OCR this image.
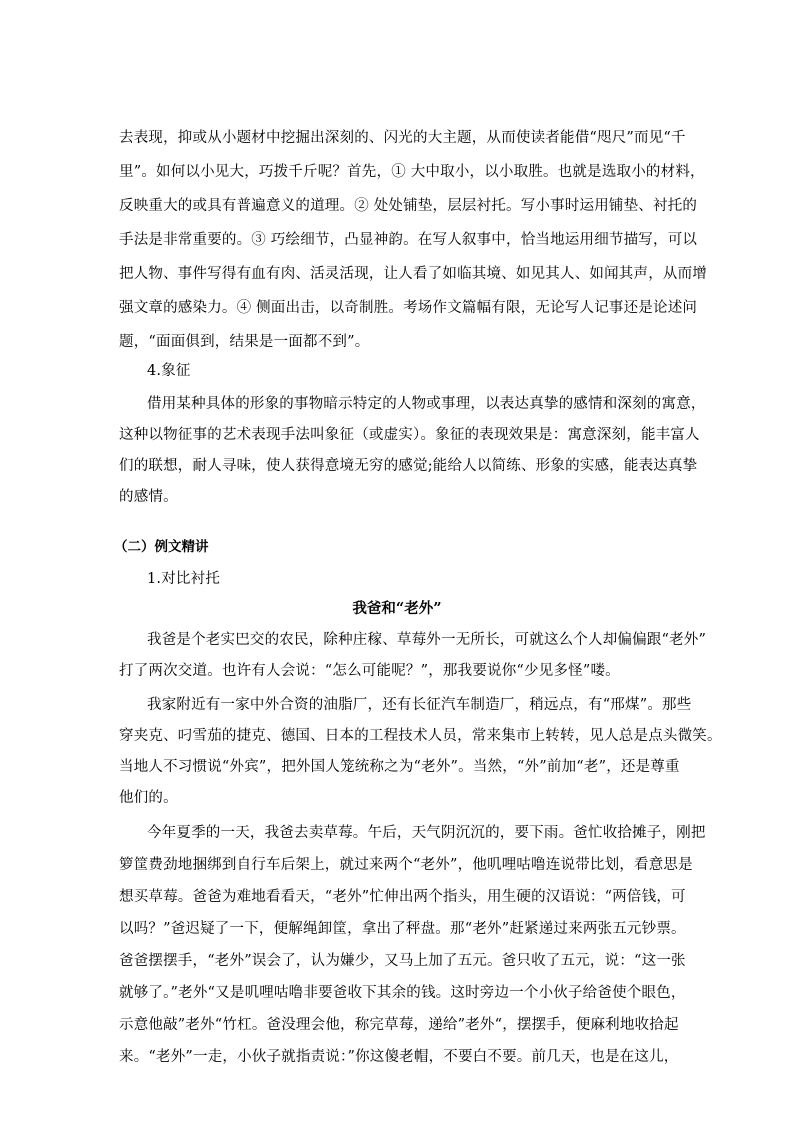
去表现，抑或从小题材中挖掘出深刻的、闪光的大主题，从而使读者能借“咫尺”而见“千
里”。如何以小见大，巧拨千斤呢？首先，① 大中取小，以小取胜。也就是选取小的材料，
反映重大的或具有普遍意义的道理。② 处处铺垫，层层衬托。写小事时运用铺垫、衬托的
手法是非常重要的。③ 巧绘细节，凸显神韵。在写人叙事中，恰当地运用细节描写，可以
把人物、事件写得有血有肉、活灵活现，让人看了如临其境、如见其人、如闻其声，从而增
强文章的感染力。④ 侧面出击，以奇制胜。考场作文篇幅有限，无论写人记事还是论述问
题，“面面俱到，结果是一面都不到”。
4.象征
借用某种具体的形象的事物暗示特定的人物或事理，以表达真挚的感情和深刻的寓意，
这种以物征事的艺术表现手法叫象征（或虚实）。象征的表现效果是：寓意深刻，能丰富人
们的联想，耐人寻味，使人获得意境无穷的感觉;能给人以简练、形象的实感，能表达真挚
的感情。
（二）例文精讲
1.对比衬托
我爸和“老外”
我爸是个老实巴交的农民，除种庄稼、草莓外一无所长，可就这么个人却偏偏跟“老外”
打了两次交道。也许有人会说：“怎么可能呢？”，那我要说你“少见多怪”喽。
我家附近有一家中外合资的油脂厂，还有长征汽车制造厂，稍远点，有“邢煤”。那些
穿夹克、叼雪茄的捷克、德国、日本的工程技术人员，常来集市上转转，见人总是点头微笑。
当地人不习惯说“外宾”，把外国人笼统称之为“老外”。当然，“外”前加“老”，还是尊重
他们的。
今年夏季的一天，我爸去卖草莓。午后，天气阴沉沉的，要下雨。爸忙收拾摊子，刚把
箩筐费劲地捆绑到自行车后架上，就过来两个“老外”，他叽哩咕噜连说带比划，看意思是
想买草莓。爸爸为难地看看天，“老外”忙伸出两个指头，用生硬的汉语说：“两倍钱，可
以吗？”爸迟疑了一下，便解绳卸筐，拿出了秤盘。那“老外”赶紧递过来两张五元钞票。
爸爸摆摆手，“老外”误会了，认为嫌少，又马上加了五元。爸只收了五元，说：“这一张
就够了。”老外“又是叽哩咕噜非要爸收下其余的钱。这时旁边一个小伙子给爸使个眼色，
示意他敲”老外“竹杠。爸没理会他，称完草莓，递给”老外“，摆摆手，便麻利地收拾起
来。“老外”一走，小伙子就指责说：”你这傻老帽，不要白不要。前几天，也是在这儿，
